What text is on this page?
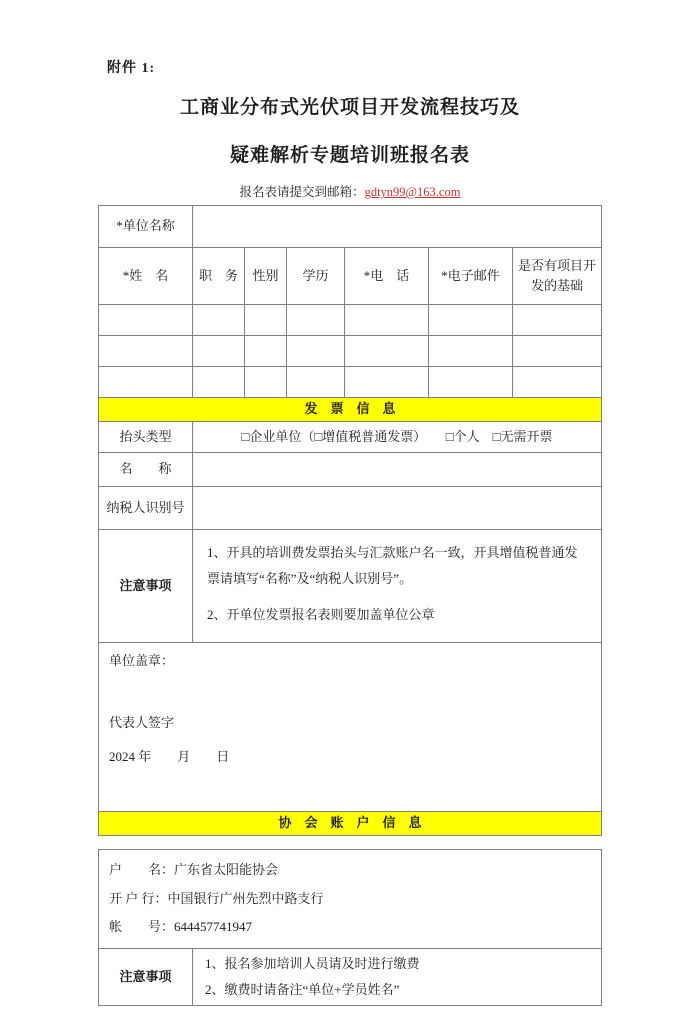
附件 1:

工商业分布式光伏项目开发流程技巧及

疑难解析专题培训班报名表

报名表请提交到邮箱：gdtyn99@163.com
*单位名称						
*姓　名	职　务	性别	学历	*电　话	*电子邮件	是否有项目开发的基础

发　票　信　息						
抬头类型	□企业单位（□增值税普通发票）　　□个人　□无需开票					
名　　称						
纳税人识别号						
注意事项	1、开具的培训费发票抬头与汇款账户名一致，开具增值税普通发票请填写“名称”及“纳税人识别号”。

2、开单位发票报名表则要加盖单位公章					

单位盖章：

代表人签字

2024 年　　月　　日						

协　会　账　户　信　息						

户　　名：广东省太阳能协会

开 户 行：中国银行广州先烈中路支行

帐　　号：644457741947

注意事项	

1、报名参加培训人员请及时进行缴费

2、缴费时请备注“单位+学员姓名”
